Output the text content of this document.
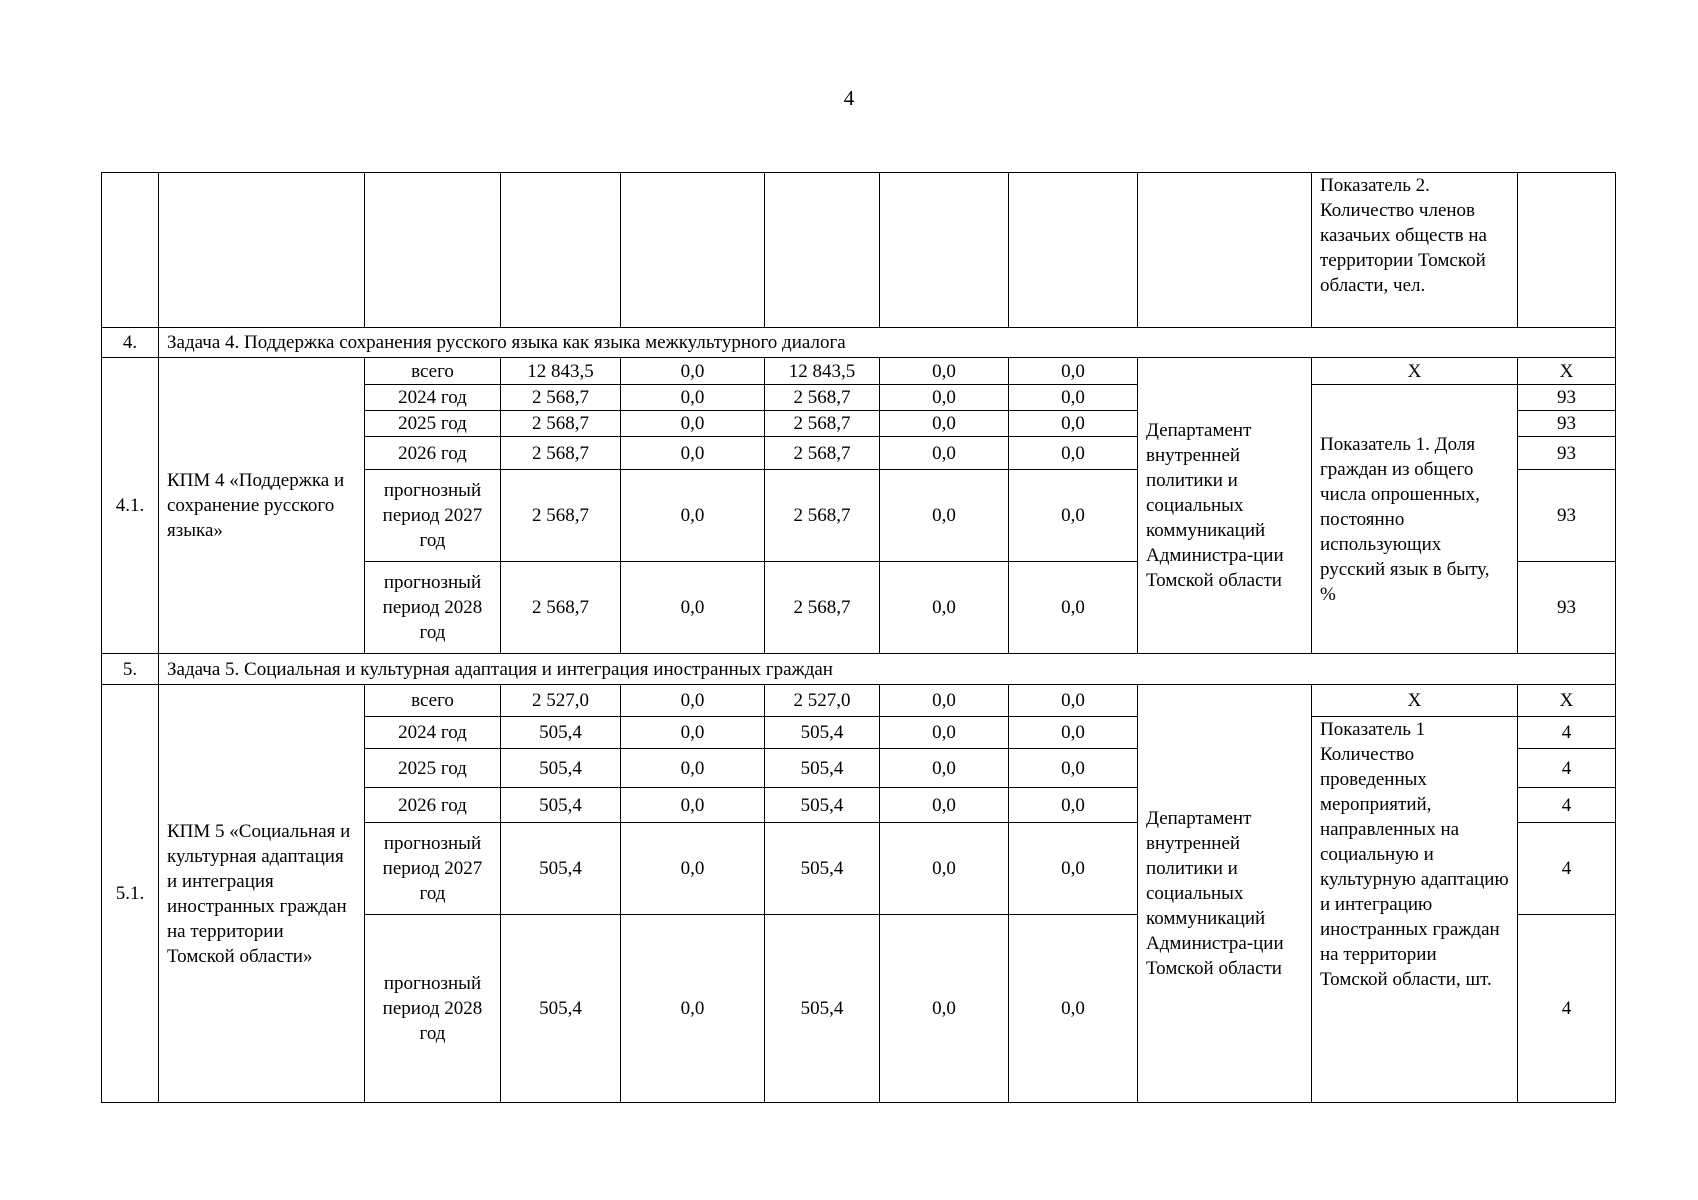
4
									Показатель 2. Количество членов казачьих обществ на территории Томской области, чел.	
4.	Задача 4. Поддержка сохранения русского языка как языка межкультурного диалога									
4.1.	КПМ 4 «Поддержка и сохранение русского языка»	всего	12 843,5	0,0	12 843,5	0,0	0,0	Департамент внутренней политики и социальных коммуникаций Администра-ции Томской области	Х	Х
		2024 год	2 568,7	0,0	2 568,7	0,0	0,0		Показатель 1. Доля граждан из общего числа опрошенных, постоянно использующих русский язык в быту, %	93
		2025 год	2 568,7	0,0	2 568,7	0,0	0,0			93
		2026 год	2 568,7	0,0	2 568,7	0,0	0,0			93
		прогнозный период 2027 год	2 568,7	0,0	2 568,7	0,0	0,0			93
		прогнозный период 2028 год	2 568,7	0,0	2 568,7	0,0	0,0			93
5.	Задача 5. Социальная и культурная адаптация и интеграция иностранных граждан									
5.1.	КПМ 5 «Социальная и культурная адаптация и интеграция иностранных граждан на территории Томской области»	всего	2 527,0	0,0	2 527,0	0,0	0,0	Департамент внутренней политики и социальных коммуникаций Администра-ции Томской области	Х	Х
		2024 год	505,4	0,0	505,4	0,0	0,0		Показатель 1 Количество проведенных мероприятий, направленных на социальную и культурную адаптацию и интеграцию иностранных граждан на территории Томской области, шт.	4
		2025 год	505,4	0,0	505,4	0,0	0,0			4
		2026 год	505,4	0,0	505,4	0,0	0,0			4
		прогнозный период 2027 год	505,4	0,0	505,4	0,0	0,0			4
		прогнозный период 2028 год	505,4	0,0	505,4	0,0	0,0			4
